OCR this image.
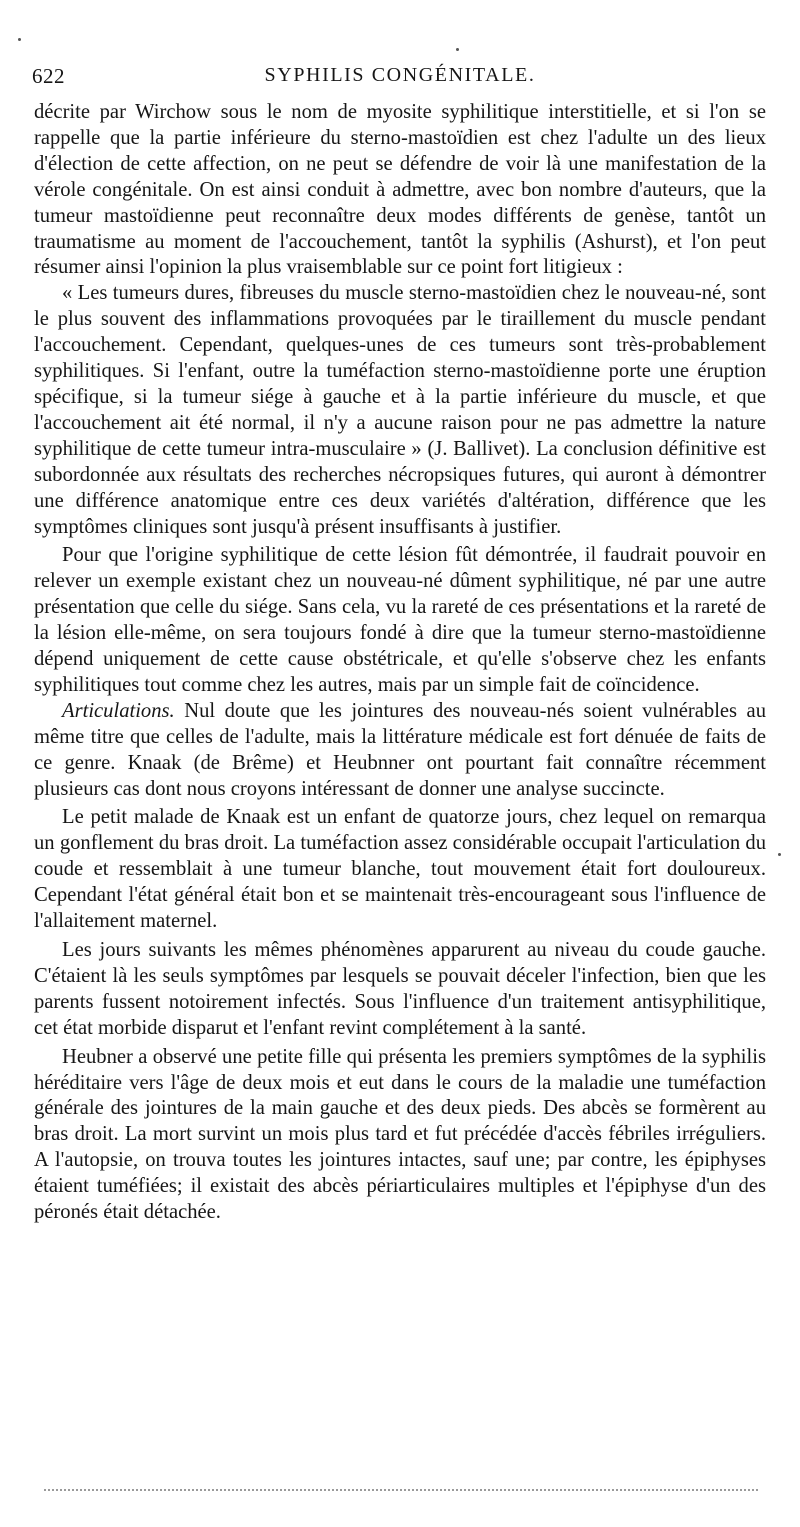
622	SYPHILIS CONGÉNITALE.

décrite par Wirchow sous le nom de myosite syphilitique interstitielle, et si l'on se rappelle que la partie inférieure du sterno-mastoïdien est chez l'adulte un des lieux d'élection de cette affection, on ne peut se défendre de voir là une manifestation de la vérole congénitale. On est ainsi conduit à admettre, avec bon nombre d'auteurs, que la tumeur mastoïdienne peut reconnaître deux modes différents de genèse, tantôt un traumatisme au moment de l'accouchement, tantôt la syphilis (Ashurst), et l'on peut résumer ainsi l'opinion la plus vraisemblable sur ce point fort litigieux :

« Les tumeurs dures, fibreuses du muscle sterno-mastoïdien chez le nouveau-né, sont le plus souvent des inflammations provoquées par le tiraillement du muscle pendant l'accouchement. Cependant, quelques-unes de ces tumeurs sont très-probablement syphilitiques. Si l'enfant, outre la tuméfaction sterno-mastoïdienne porte une éruption spécifique, si la tumeur siége à gauche et à la partie inférieure du muscle, et que l'accouchement ait été normal, il n'y a aucune raison pour ne pas admettre la nature syphilitique de cette tumeur intra-musculaire » (J. Ballivet). La conclusion définitive est subordonnée aux résultats des recherches nécropsiques futures, qui auront à démontrer une différence anatomique entre ces deux variétés d'altération, différence que les symptômes cliniques sont jusqu'à présent insuffisants à justifier.

Pour que l'origine syphilitique de cette lésion fût démontrée, il faudrait pouvoir en relever un exemple existant chez un nouveau-né dûment syphilitique, né par une autre présentation que celle du siége. Sans cela, vu la rareté de ces présentations et la rareté de la lésion elle-même, on sera toujours fondé à dire que la tumeur sterno-mastoïdienne dépend uniquement de cette cause obstétricale, et qu'elle s'observe chez les enfants syphilitiques tout comme chez les autres, mais par un simple fait de coïncidence.

Articulations. Nul doute que les jointures des nouveau-nés soient vulnérables au même titre que celles de l'adulte, mais la littérature médicale est fort dénuée de faits de ce genre. Knaak (de Brême) et Heubnner ont pourtant fait connaître récemment plusieurs cas dont nous croyons intéressant de donner une analyse succincte.

Le petit malade de Knaak est un enfant de quatorze jours, chez lequel on remarqua un gonflement du bras droit. La tuméfaction assez considérable occupait l'articulation du coude et ressemblait à une tumeur blanche, tout mouvement était fort douloureux. Cependant l'état général était bon et se maintenait très-encourageant sous l'influence de l'allaitement maternel.

Les jours suivants les mêmes phénomènes apparurent au niveau du coude gauche. C'étaient là les seuls symptômes par lesquels se pouvait déceler l'infection, bien que les parents fussent notoirement infectés. Sous l'influence d'un traitement antisyphilitique, cet état morbide disparut et l'enfant revint complétement à la santé.

Heubner a observé une petite fille qui présenta les premiers symptômes de la syphilis héréditaire vers l'âge de deux mois et eut dans le cours de la maladie une tuméfaction générale des jointures de la main gauche et des deux pieds. Des abcès se formèrent au bras droit. La mort survint un mois plus tard et fut précédée d'accès fébriles irréguliers. A l'autopsie, on trouva toutes les jointures intactes, sauf une; par contre, les épiphyses étaient tuméfiées; il existait des abcès périarticulaires multiples et l'épiphyse d'un des péronés était détachée.
